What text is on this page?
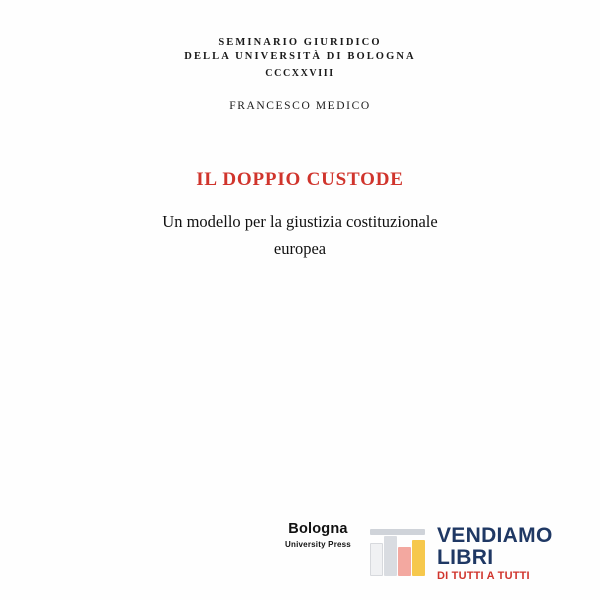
SEMINARIO GIURIDICO
DELLA UNIVERSITÀ DI BOLOGNA
CCCXXVIII
FRANCESCO MEDICO
IL DOPPIO CUSTODE
Un modello per la giustizia costituzionale
europea
Bologna
University Press	VENDIAMO
LIBRI
DI TUTTI A TUTTI
